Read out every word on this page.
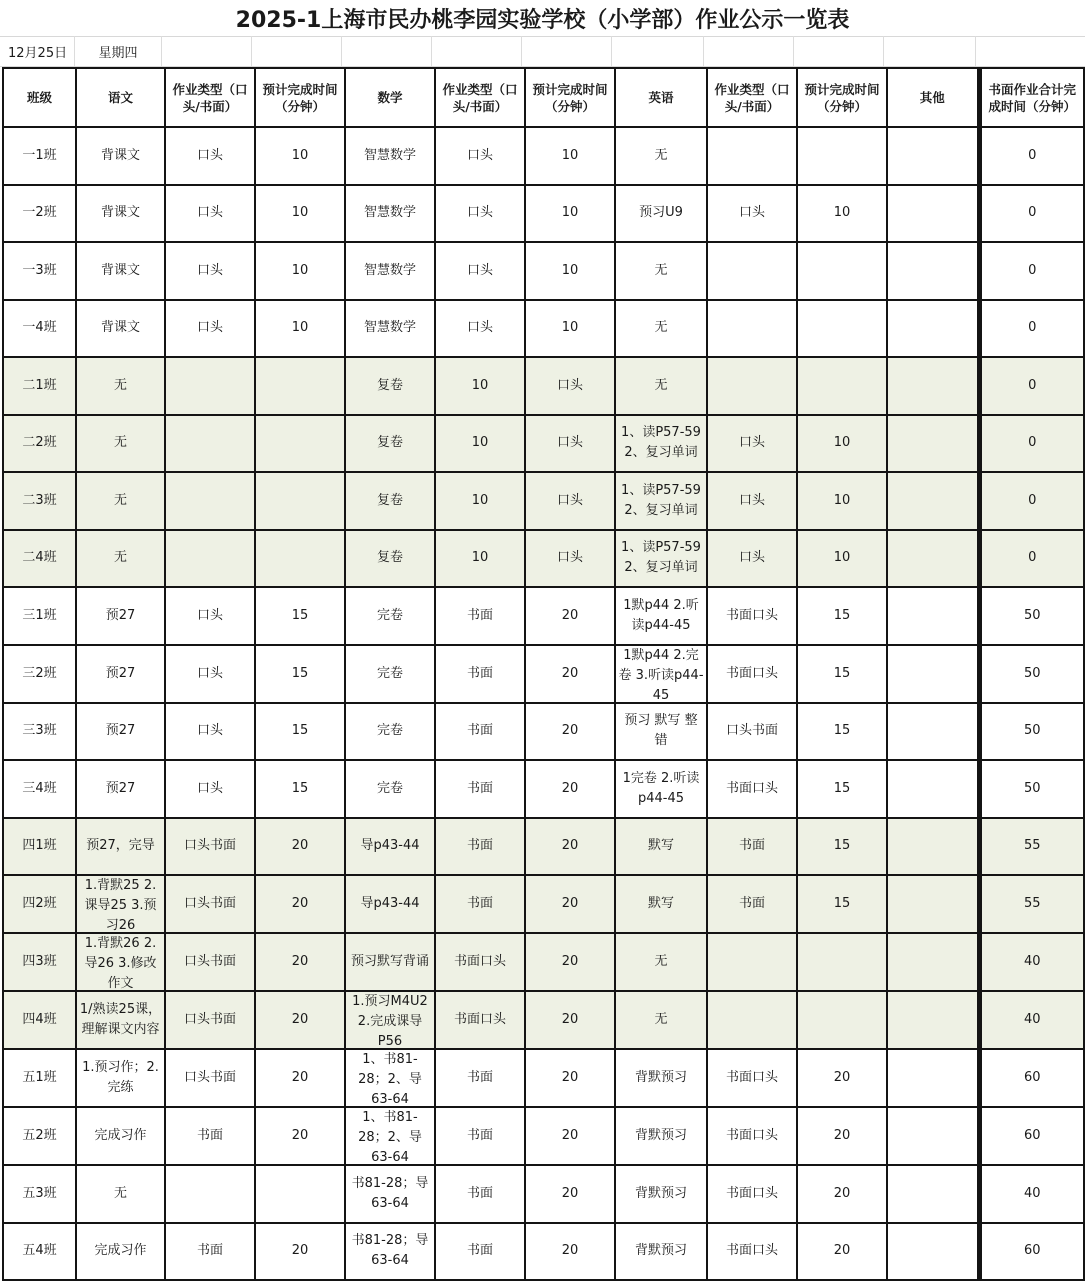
2025-1上海市民办桃李园实验学校（小学部）作业公示一览表
12月25日	星期四
班级	语文	作业类型（口头/书面）	预计完成时间（分钟）	数学	作业类型（口头/书面）	预计完成时间（分钟）	英语	作业类型（口头/书面）	预计完成时间（分钟）	其他	书面作业合计完成时间（分钟）

一1班	背课文	口头	10	智慧数学	口头	10	无				0

一2班	背课文	口头	10	智慧数学	口头	10	预习U9	口头	10		0

一3班	背课文	口头	10	智慧数学	口头	10	无				0

一4班	背课文	口头	10	智慧数学	口头	10	无				0

二1班	无			复卷	10	口头	无				0

二2班	无			复卷	10	口头	1、读P57-59 2、复习单词	口头	10		0

二3班	无			复卷	10	口头	1、读P57-59 2、复习单词	口头	10		0

二4班	无			复卷	10	口头	1、读P57-59 2、复习单词	口头	10		0

三1班	预27	口头	15	完卷	书面	20	1默p44 2.听读p44-45	书面口头	15		50

三2班	预27	口头	15	完卷	书面	20	1默p44 2.完卷 3.听读p44-45	书面口头	15		50

三3班	预27	口头	15	完卷	书面	20	预习 默写 整错	口头书面	15		50

三4班	预27	口头	15	完卷	书面	20	1完卷 2.听读p44-45	书面口头	15		50

四1班	预27，完导	口头书面	20	导p43-44	书面	20	默写	书面	15		55

四2班	1.背默25 2.课导25 3.预习26	口头书面	20	导p43-44	书面	20	默写	书面	15		55

四3班	1.背默26 2.导26 3.修改作文	口头书面	20	预习默写背诵	书面口头	20	无				40

四4班	1/熟读25课，理解课文内容	口头书面	20	1.预习M4U2 2.完成课导P56	书面口头	20	无				40

五1班	1.预习作；2.完练	口头书面	20	1、书81-28；2、导63-64	书面	20	背默预习	书面口头	20		60

五2班	完成习作	书面	20	1、书81-28；2、导63-64	书面	20	背默预习	书面口头	20		60

五3班	无			书81-28；导63-64	书面	20	背默预习	书面口头	20		40

五4班	完成习作	书面	20	书81-28；导63-64	书面	20	背默预习	书面口头	20		60
